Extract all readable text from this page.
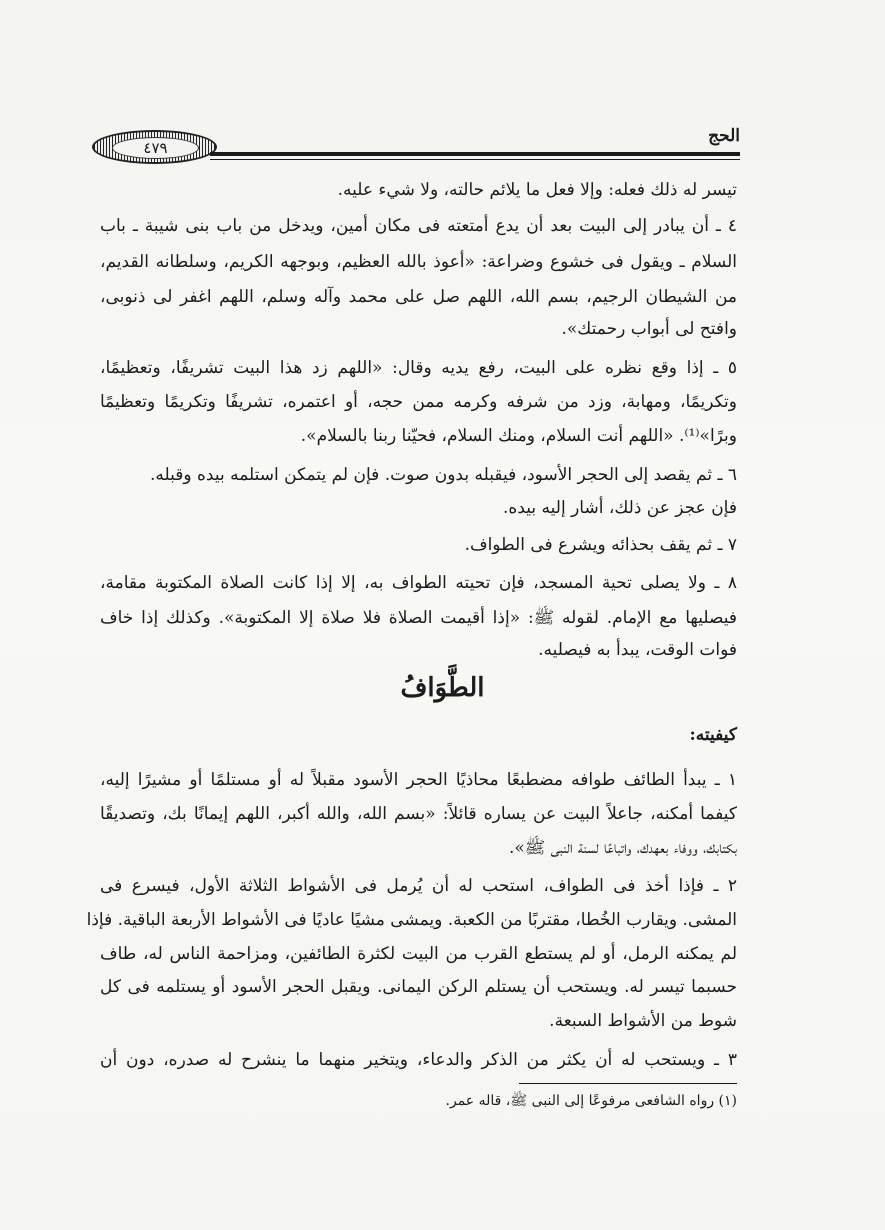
٤٧٩
الحج
تيسر له ذلك فعله: وإلا فعل ما يلائم حالته، ولا شيء عليه.
٤ ـ أن يبادر إلى البيت بعد أن يدع أمتعته فى مكان أمين، ويدخل من باب بنى شيبة ـ باب
السلام ـ ويقول فى خشوع وضراعة: «أعوذ بالله العظيم، وبوجهه الكريم، وسلطانه القديم،
من الشيطان الرجيم، بسم الله، اللهم صل على محمد وآله وسلم، اللهم اغفر لى ذنوبى،
وافتح لى أبواب رحمتك».
٥ ـ إذا وقع نظره على البيت، رفع يديه وقال: «اللهم زد هذا البيت تشريفًا، وتعظيمًا،
وتكريمًا، ومهابة، وزد من شرفه وكرمه ممن حجه، أو اعتمره، تشريفًا وتكريمًا وتعظيمًا
وبرًا»⁽¹⁾. «اللهم أنت السلام، ومنك السلام، فحيّنا ربنا بالسلام».
٦ ـ ثم يقصد إلى الحجر الأسود، فيقبله بدون صوت. فإن لم يتمكن استلمه بيده وقبله.
فإن عجز عن ذلك، أشار إليه بيده.
٧ ـ ثم يقف بحذائه ويشرع فى الطواف.
٨ ـ ولا يصلى تحية المسجد، فإن تحيته الطواف به، إلا إذا كانت الصلاة المكتوبة مقامة،
فيصليها مع الإمام. لقوله ﷺ: «إذا أقيمت الصلاة فلا صلاة إلا المكتوبة». وكذلك إذا خاف
فوات الوقت، يبدأ به فيصليه.
١ ـ يبدأ الطائف طوافه مضطبعًا محاذيًا الحجر الأسود مقبلاً له أو مستلمًا أو مشيرًا إليه،
كيفما أمكنه، جاعلاً البيت عن يساره قائلاً: «بسم الله، والله أكبر، اللهم إيمانًا بك، وتصديقًا
بكتابك، ووفاء بعهدك، واتباعًا لسنة النبى ﷺ».
٢ ـ فإذا أخذ فى الطواف، استحب له أن يُرمل فى الأشواط الثلاثة الأول، فيسرع فى
المشى. ويقارب الخُطا، مقتربًا من الكعبة. ويمشى مشيًا عاديًا فى الأشواط الأربعة الباقية. فإذا
لم يمكنه الرمل، أو لم يستطع القرب من البيت لكثرة الطائفين، ومزاحمة الناس له، طاف
حسبما تيسر له. ويستحب أن يستلم الركن اليمانى. ويقبل الحجر الأسود أو يستلمه فى كل
شوط من الأشواط السبعة.
٣ ـ ويستحب له أن يكثر من الذكر والدعاء، ويتخير منهما ما ينشرح له صدره، دون أن
الطَّوَافُ
كيفيته:
(١) رواه الشافعى مرفوعًا إلى النبى ﷺ، قاله عمر.
